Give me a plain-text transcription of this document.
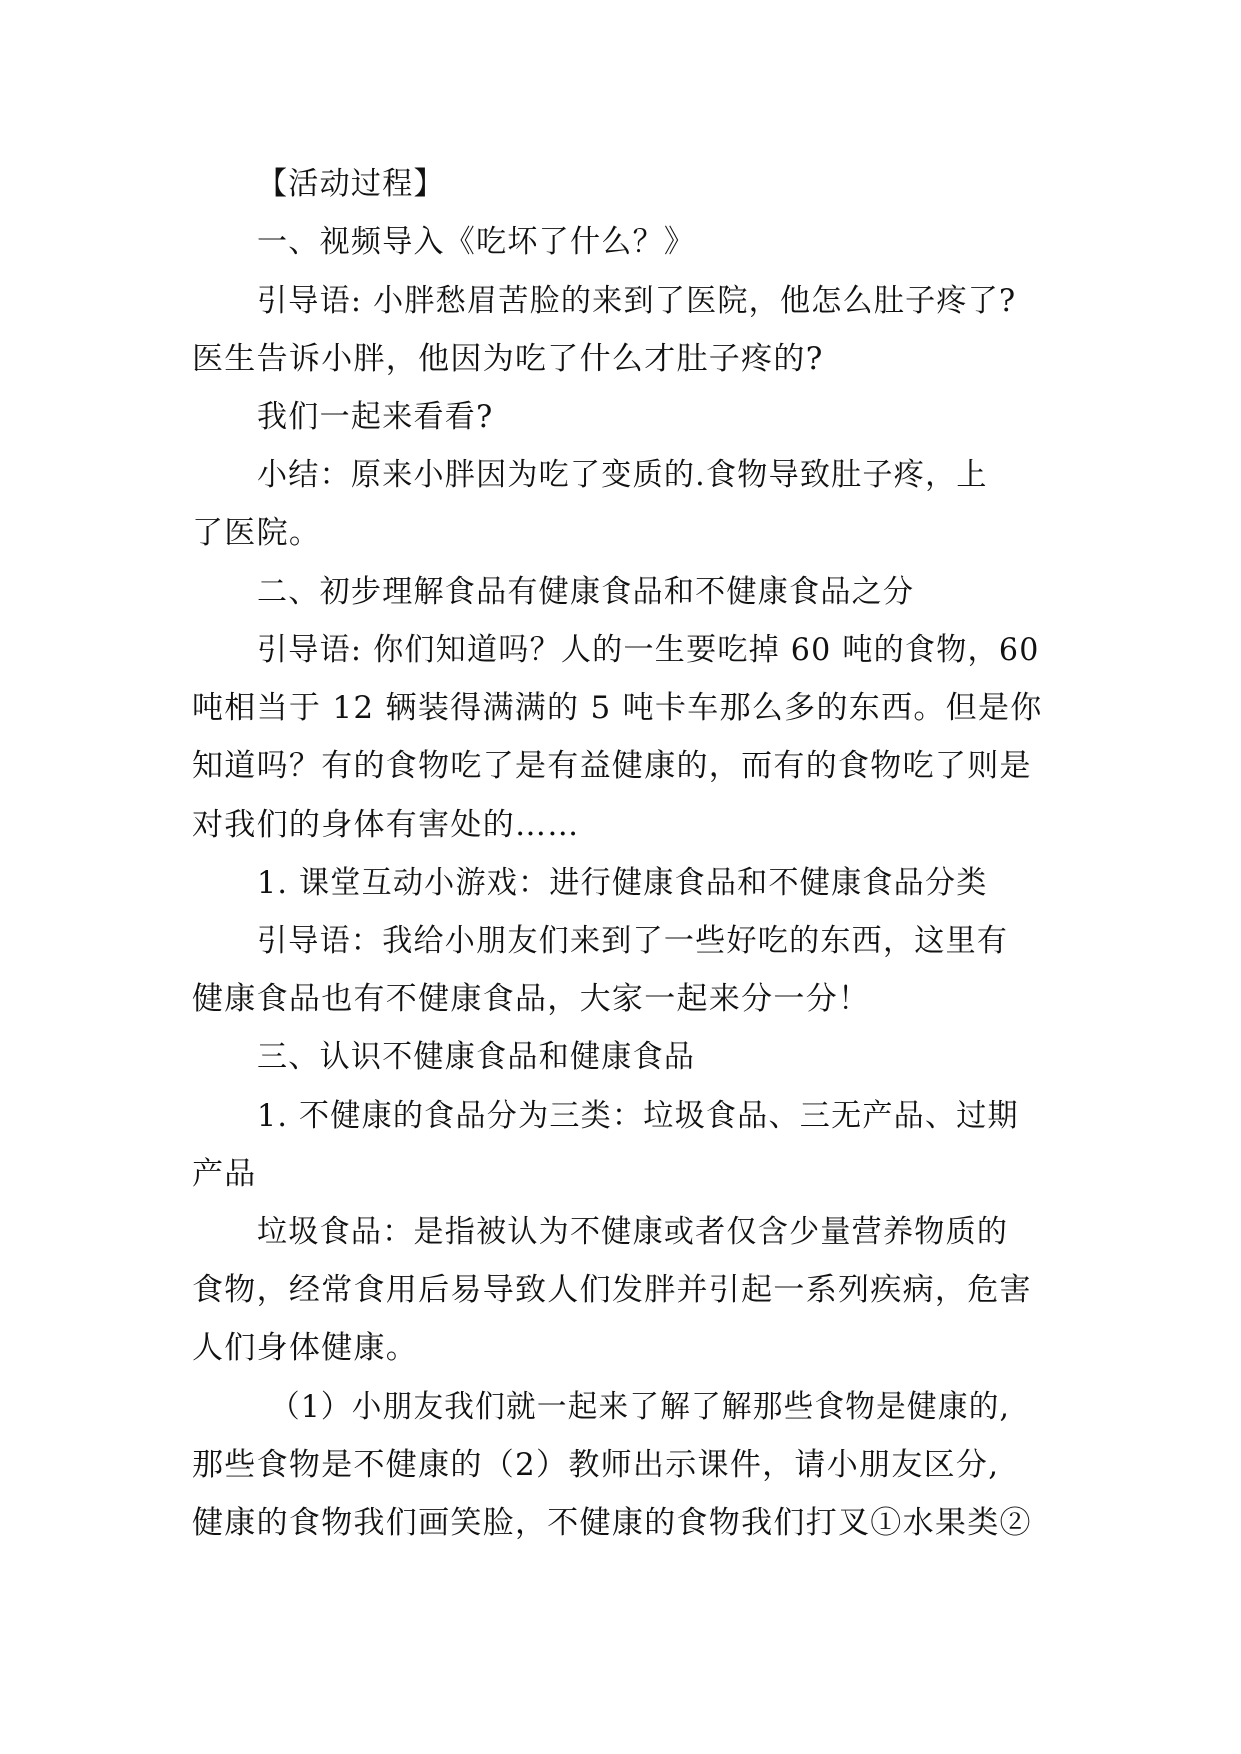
【活动过程】
一、视频导入《吃坏了什么？》
引导语: 小胖愁眉苦脸的来到了医院，他怎么肚子疼了?
医生告诉小胖，他因为吃了什么才肚子疼的?
我们一起来看看?
小结：原来小胖因为吃了变质的.食物导致肚子疼，上
了医院。
二、初步理解食品有健康食品和不健康食品之分
引导语: 你们知道吗？人的一生要吃掉 60 吨的食物，60
吨相当于 12 辆装得满满的 5 吨卡车那么多的东西。但是你
知道吗？有的食物吃了是有益健康的，而有的食物吃了则是
对我们的身体有害处的……
1. 课堂互动小游戏：进行健康食品和不健康食品分类
引导语：我给小朋友们来到了一些好吃的东西，这里有
健康食品也有不健康食品，大家一起来分一分！
三、认识不健康食品和健康食品
1. 不健康的食品分为三类：垃圾食品、三无产品、过期
产品
垃圾食品：是指被认为不健康或者仅含少量营养物质的
食物，经常食用后易导致人们发胖并引起一系列疾病，危害
人们身体健康。
（1）小朋友我们就一起来了解了解那些食物是健康的,
那些食物是不健康的（2）教师出示课件，请小朋友区分,
健康的食物我们画笑脸，不健康的食物我们打叉①水果类②
